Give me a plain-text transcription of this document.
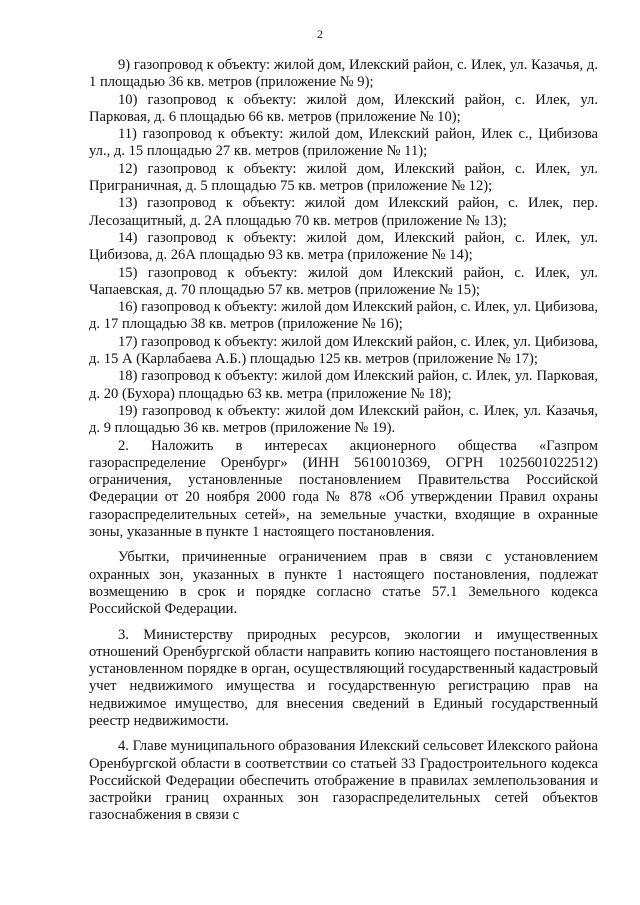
2

9) газопровод к объекту: жилой дом, Илекский район, с. Илек, ул. Казачья, д. 1 площадью 36 кв. метров (приложение № 9);

10) газопровод к объекту: жилой дом, Илекский район, с. Илек, ул. Парковая, д. 6 площадью 66 кв. метров (приложение № 10);

11) газопровод к объекту: жилой дом, Илекский район, Илек с., Цибизова ул., д. 15 площадью 27 кв. метров (приложение № 11);

12) газопровод к объекту: жилой дом, Илекский район, с. Илек, ул. Приграничная, д. 5 площадью 75 кв. метров (приложение № 12);

13) газопровод к объекту: жилой дом Илекский район, с. Илек, пер. Лесозащитный, д. 2А площадью 70 кв. метров (приложение № 13);

14) газопровод к объекту: жилой дом, Илекский район, с. Илек, ул. Цибизова, д. 26А площадью 93 кв. метра (приложение № 14);

15) газопровод к объекту: жилой дом Илекский район, с. Илек, ул. Чапаевская, д. 70 площадью 57 кв. метров (приложение № 15);

16) газопровод к объекту: жилой дом Илекский район, с. Илек, ул. Цибизова, д. 17 площадью 38 кв. метров (приложение № 16);

17) газопровод к объекту: жилой дом Илекский район, с. Илек, ул. Цибизова, д. 15 А (Карлабаева А.Б.) площадью 125 кв. метров (приложение № 17);

18) газопровод к объекту: жилой дом Илекский район, с. Илек, ул. Парковая, д. 20 (Бухора) площадью 63 кв. метра (приложение № 18);

19) газопровод к объекту: жилой дом Илекский район, с. Илек, ул. Казачья, д. 9 площадью 36 кв. метров (приложение № 19).

2. Наложить в интересах акционерного общества «Газпром газораспределение Оренбург» (ИНН 5610010369, ОГРН 1025601022512) ограничения, установленные постановлением Правительства Российской Федерации от 20 ноября 2000 года № 878 «Об утверждении Правил охраны газораспределительных сетей», на земельные участки, входящие в охранные зоны, указанные в пункте 1 настоящего постановления.

Убытки, причиненные ограничением прав в связи с установлением охранных зон, указанных в пункте 1 настоящего постановления, подлежат возмещению в срок и порядке согласно статье 57.1 Земельного кодекса Российской Федерации.

3. Министерству природных ресурсов, экологии и имущественных отношений Оренбургской области направить копию настоящего постановления в установленном порядке в орган, осуществляющий государственный кадастровый учет недвижимого имущества и государственную регистрацию прав на недвижимое имущество, для внесения сведений в Единый государственный реестр недвижимости.

4. Главе муниципального образования Илекский сельсовет Илекского района Оренбургской области в соответствии со статьей 33 Градостроительного кодекса Российской Федерации обеспечить отображение в правилах землепользования и застройки границ охранных зон газораспределительных сетей объектов газоснабжения в связи с
